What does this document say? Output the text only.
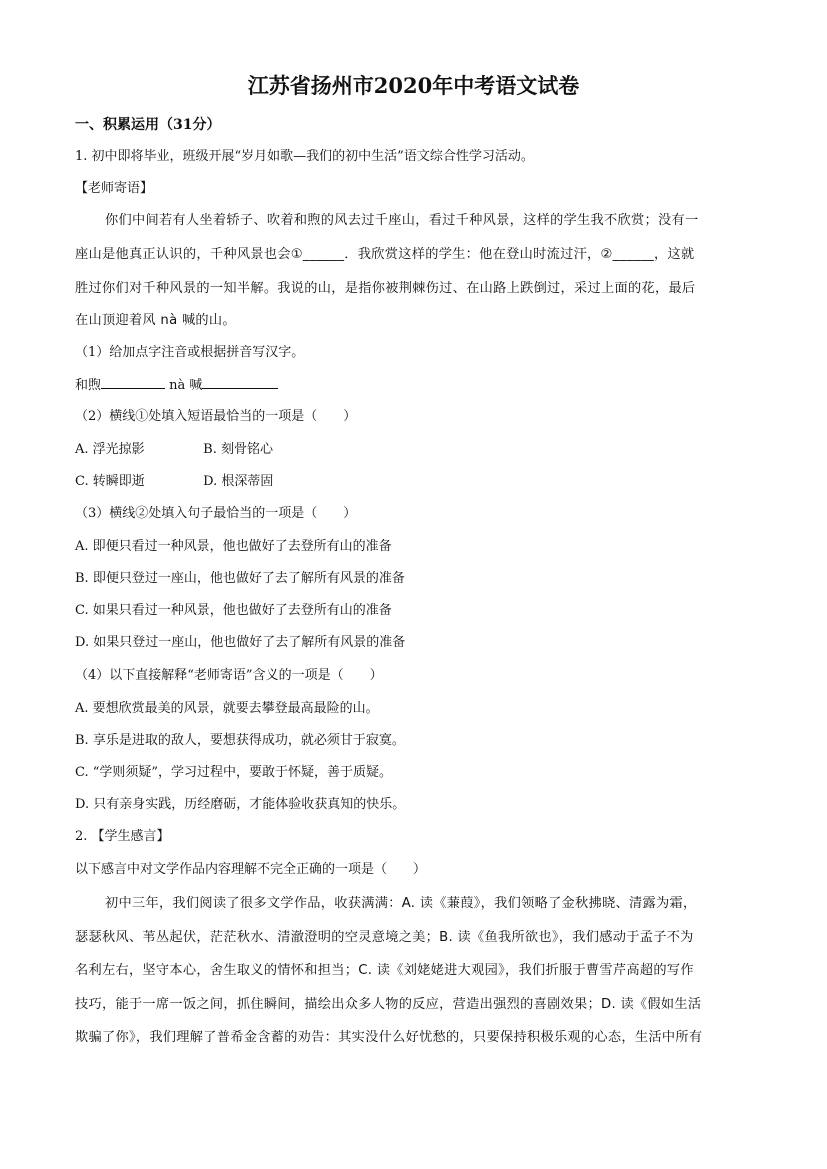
江苏省扬州市2020年中考语文试卷
一、积累运用（31分）
1. 初中即将毕业，班级开展“岁月如歌—我们的初中生活”语文综合性学习活动。
【老师寄语】
你们中间若有人坐着轿子、吹着和煦的风去过千座山，看过千种风景，这样的学生我不欣赏；没有一
座山是他真正认识的，千种风景也会①______．我欣赏这样的学生：他在登山时流过汗，②______，这就
胜过你们对千种风景的一知半解。我说的山，是指你被荆棘伤过、在山路上跌倒过，采过上面的花，最后
在山顶迎着风 nà 喊的山。
（1）给加点字注音或根据拼音写汉字。
和煦	nà 喊
（2）横线①处填入短语最恰当的一项是（　　）
A. 浮光掠影	B. 刻骨铭心
C. 转瞬即逝	D. 根深蒂固
（3）横线②处填入句子最恰当的一项是（　　）
A. 即便只看过一种风景，他也做好了去登所有山的准备
B. 即便只登过一座山，他也做好了去了解所有风景的准备
C. 如果只看过一种风景，他也做好了去登所有山的准备
D. 如果只登过一座山，他也做好了去了解所有风景的准备
（4）以下直接解释“老师寄语”含义的一项是（　　）
A. 要想欣赏最美的风景，就要去攀登最高最险的山。
B. 享乐是进取的敌人，要想获得成功，就必须甘于寂寞。
C. “学则须疑”，学习过程中，要敢于怀疑，善于质疑。
D. 只有亲身实践，历经磨砺，才能体验收获真知的快乐。
2. 【学生感言】
以下感言中对文学作品内容理解不完全正确的一项是（　　）
初中三年，我们阅读了很多文学作品，收获满满：A. 读《蒹葭》，我们领略了金秋拂晓、清露为霜，
瑟瑟秋风、苇丛起伏，茫茫秋水、清澈澄明的空灵意境之美；B. 读《鱼我所欲也》，我们感动于孟子不为
名利左右，坚守本心，舍生取义的情怀和担当；C. 读《刘姥姥进大观园》，我们折服于曹雪芹高超的写作
技巧，能于一席一饭之间，抓住瞬间，描绘出众多人物的反应，营造出强烈的喜剧效果；D. 读《假如生活
欺骗了你》，我们理解了普希金含蓄的劝告：其实没什么好忧愁的，只要保持积极乐观的心态，生活中所有
